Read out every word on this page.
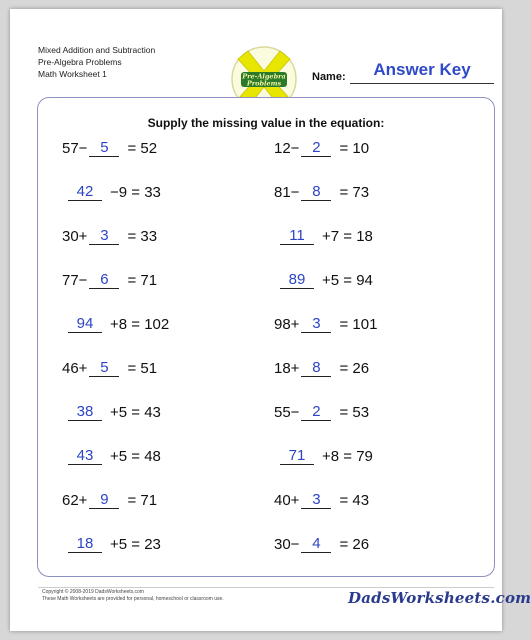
Mixed Addition and Subtraction
Pre-Algebra Problems
Math Worksheet 1	Pre-Algebra
Problems
Name:	Answer Key
Supply the missing value in the equation:
57− 5	= 52	12− 2	= 10
42	−9 = 33	81− 8	= 73
30+ 3	= 33	11	+7 = 18
77− 6	= 71	89	+5 = 94
94	+8 = 102	98+ 3	= 101
46+ 5	= 51	18+ 8	= 26
38	+5 = 43	55− 2	= 53
43	+5 = 48	71	+8 = 79
62+ 9	= 71	40+ 3	= 43
18	+5 = 23	30− 4	= 26
Copyright © 2008-2019 DadsWorksheets.com
These Math Worksheets are provided for personal, homeschool or classroom use.	DadsWorksheets.com
